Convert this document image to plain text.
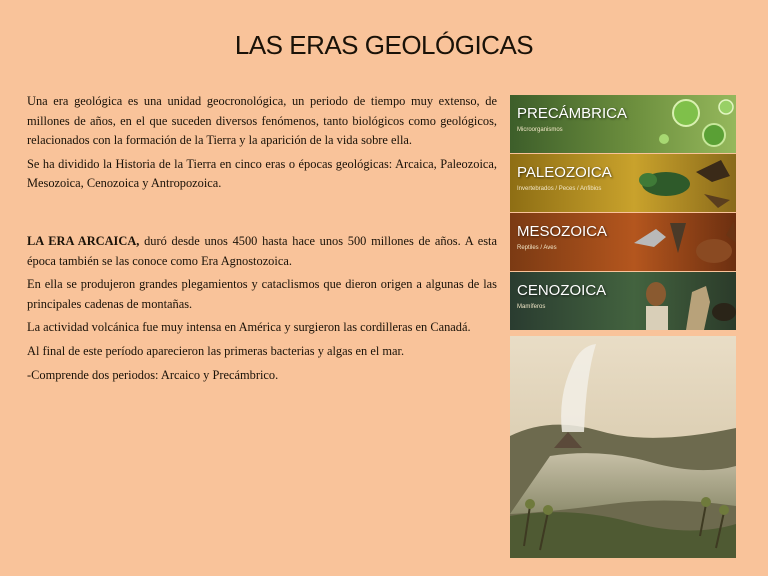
LAS ERAS GEOLÓGICAS

Una era geológica es una unidad geocronológica, un periodo de tiempo muy extenso, de millones de años, en el que suceden diversos fenómenos, tanto biológicos como geológicos, relacionados con la formación de la Tierra y la aparición de la vida sobre ella.

Se ha dividido la Historia de la Tierra en cinco eras o épocas geológicas: Arcaica, Paleozoica, Mesozoica, Cenozoica y Antropozoica.

LA ERA ARCAICA, duró desde unos 4500 hasta hace unos 500 millones de años. A esta época también se las conoce como Era Agnostozoica.

En ella se produjeron grandes plegamientos y cataclismos que dieron origen a algunas de las principales cadenas de montañas.

La actividad volcánica fue muy intensa en América y surgieron las cordilleras en Canadá.

Al final de este período aparecieron las primeras bacterias y algas en el mar.

-Comprende dos periodos: Arcaico y Precámbrico.

PRECÁMBRICA
Microorganismos
PALEOZOICA
Invertebrados / Peces / Anfibios
MESOZOICA
Reptiles / Aves
CENOZOICA
Mamíferos
